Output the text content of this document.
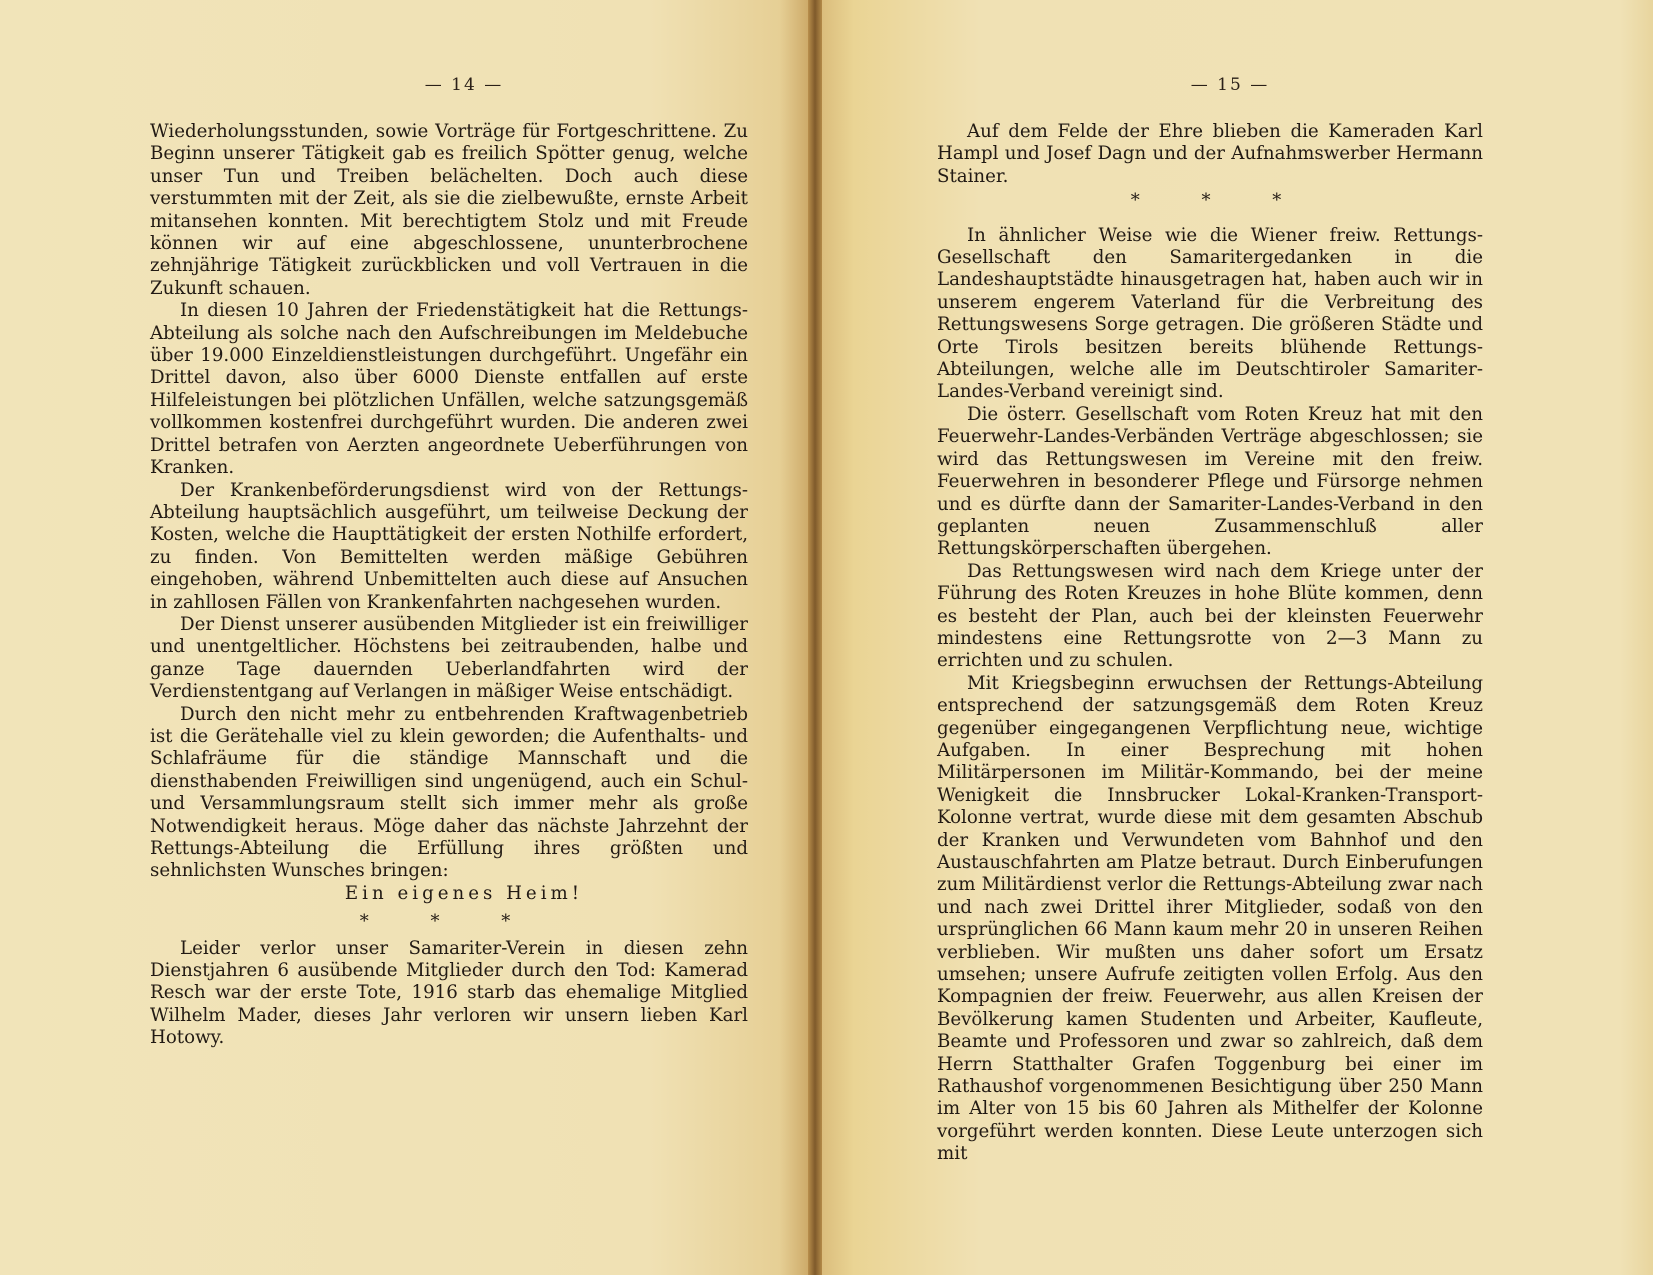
— 14 —

Wiederholungsstunden, sowie Vorträge für Fortgeschrittene. Zu Beginn unserer Tätigkeit gab es freilich Spötter genug, welche unser Tun und Treiben belächelten. Doch auch diese verstummten mit der Zeit, als sie die zielbewußte, ernste Arbeit mitansehen konnten. Mit berechtigtem Stolz und mit Freude können wir auf eine abgeschlossene, ununterbrochene zehnjährige Tätigkeit zurückblicken und voll Vertrauen in die Zukunft schauen.

In diesen 10 Jahren der Friedenstätigkeit hat die Rettungs-Abteilung als solche nach den Aufschreibungen im Meldebuche über 19.000 Einzeldienstleistungen durchgeführt. Ungefähr ein Drittel davon, also über 6000 Dienste entfallen auf erste Hilfeleistungen bei plötzlichen Unfällen, welche satzungsgemäß vollkommen kostenfrei durchgeführt wurden. Die anderen zwei Drittel betrafen von Aerzten angeordnete Ueberführungen von Kranken.

Der Krankenbeförderungsdienst wird von der Rettungs-Abteilung hauptsächlich ausgeführt, um teilweise Deckung der Kosten, welche die Haupttätigkeit der ersten Nothilfe erfordert, zu finden. Von Bemittelten werden mäßige Gebühren eingehoben, während Unbemittelten auch diese auf Ansuchen in zahllosen Fällen von Krankenfahrten nachgesehen wurden.

Der Dienst unserer ausübenden Mitglieder ist ein freiwilliger und unentgeltlicher. Höchstens bei zeitraubenden, halbe und ganze Tage dauernden Ueberlandfahrten wird der Verdienstentgang auf Verlangen in mäßiger Weise entschädigt.

Durch den nicht mehr zu entbehrenden Kraftwagenbetrieb ist die Gerätehalle viel zu klein geworden; die Aufenthalts- und Schlafräume für die ständige Mannschaft und die diensthabenden Freiwilligen sind ungenügend, auch ein Schul- und Versammlungsraum stellt sich immer mehr als große Notwendigkeit heraus. Möge daher das nächste Jahrzehnt der Rettungs-Abteilung die Erfüllung ihres größten und sehnlichsten Wunsches bringen:

Ein eigenes Heim!

* * *

Leider verlor unser Samariter-Verein in diesen zehn Dienstjahren 6 ausübende Mitglieder durch den Tod: Kamerad Resch war der erste Tote, 1916 starb das ehemalige Mitglied Wilhelm Mader, dieses Jahr verloren wir unsern lieben Karl Hotowy.

— 15 —

Auf dem Felde der Ehre blieben die Kameraden Karl Hampl und Josef Dagn und der Aufnahmswerber Hermann Stainer.

* * *

In ähnlicher Weise wie die Wiener freiw. Rettungs-Gesellschaft den Samaritergedanken in die Landeshauptstädte hinausgetragen hat, haben auch wir in unserem engerem Vaterland für die Verbreitung des Rettungswesens Sorge getragen. Die größeren Städte und Orte Tirols besitzen bereits blühende Rettungs-Abteilungen, welche alle im Deutschtiroler Samariter-Landes-Verband vereinigt sind.

Die österr. Gesellschaft vom Roten Kreuz hat mit den Feuerwehr-Landes-Verbänden Verträge abgeschlossen; sie wird das Rettungswesen im Vereine mit den freiw. Feuerwehren in besonderer Pflege und Fürsorge nehmen und es dürfte dann der Samariter-Landes-Verband in den geplanten neuen Zusammenschluß aller Rettungskörperschaften übergehen.

Das Rettungswesen wird nach dem Kriege unter der Führung des Roten Kreuzes in hohe Blüte kommen, denn es besteht der Plan, auch bei der kleinsten Feuerwehr mindestens eine Rettungsrotte von 2—3 Mann zu errichten und zu schulen.

Mit Kriegsbeginn erwuchsen der Rettungs-Abteilung entsprechend der satzungsgemäß dem Roten Kreuz gegenüber eingegangenen Verpflichtung neue, wichtige Aufgaben. In einer Besprechung mit hohen Militärpersonen im Militär-Kommando, bei der meine Wenigkeit die Innsbrucker Lokal-Kranken-Transport-Kolonne vertrat, wurde diese mit dem gesamten Abschub der Kranken und Verwundeten vom Bahnhof und den Austauschfahrten am Platze betraut. Durch Einberufungen zum Militärdienst verlor die Rettungs-Abteilung zwar nach und nach zwei Drittel ihrer Mitglieder, sodaß von den ursprünglichen 66 Mann kaum mehr 20 in unseren Reihen verblieben. Wir mußten uns daher sofort um Ersatz umsehen; unsere Aufrufe zeitigten vollen Erfolg. Aus den Kompagnien der freiw. Feuerwehr, aus allen Kreisen der Bevölkerung kamen Studenten und Arbeiter, Kaufleute, Beamte und Professoren und zwar so zahlreich, daß dem Herrn Statthalter Grafen Toggenburg bei einer im Rathaushof vorgenommenen Besichtigung über 250 Mann im Alter von 15 bis 60 Jahren als Mithelfer der Kolonne vorgeführt werden konnten. Diese Leute unterzogen sich mit
